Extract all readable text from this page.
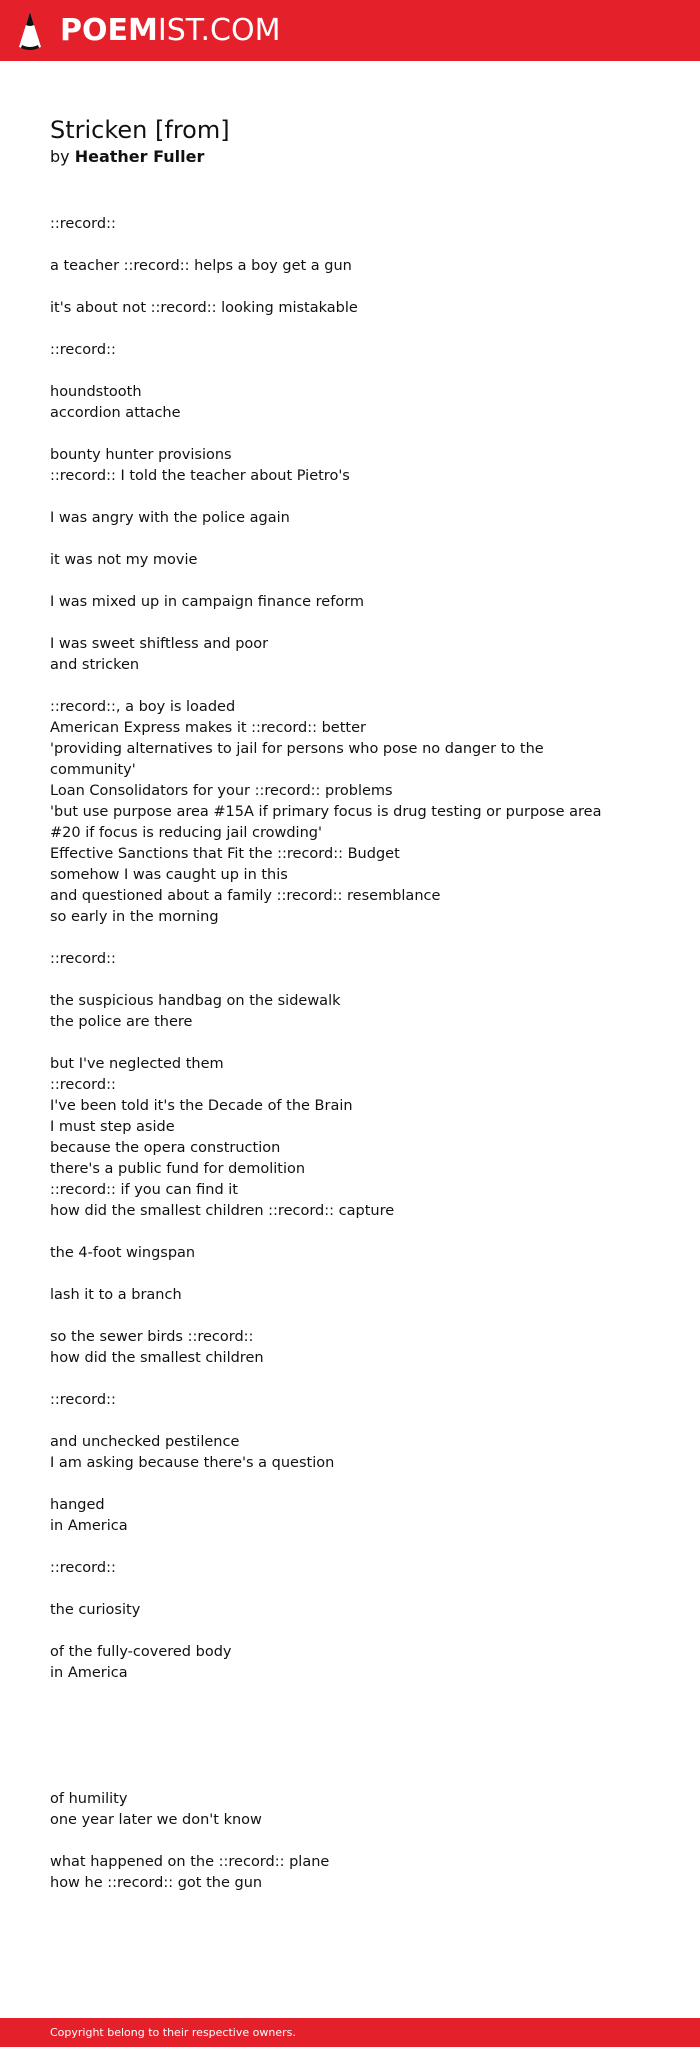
POEMIST.COM
Stricken [from]
by Heather Fuller
::record::
a teacher ::record:: helps a boy get a gun
it's about not ::record:: looking mistakable
::record::
houndstooth
accordion attache
bounty hunter provisions
::record:: I told the teacher about Pietro's
I was angry with the police again
it was not my movie
I was mixed up in campaign finance reform
I was sweet shiftless and poor
and stricken
::record::, a boy is loaded
American Express makes it ::record:: better
'providing alternatives to jail for persons who pose no danger to the
community'
Loan Consolidators for your ::record:: problems
'but use purpose area #15A if primary focus is drug testing or purpose area
#20 if focus is reducing jail crowding'
Effective Sanctions that Fit the ::record:: Budget
somehow I was caught up in this
and questioned about a family ::record:: resemblance
so early in the morning
::record::
the suspicious handbag on the sidewalk
the police are there
but I've neglected them
::record::
I've been told it's the Decade of the Brain
I must step aside
because the opera construction
there's a public fund for demolition
::record:: if you can find it
how did the smallest children ::record:: capture
the 4-foot wingspan
lash it to a branch
so the sewer birds ::record::
how did the smallest children
::record::
and unchecked pestilence
I am asking because there's a question
hanged
in America
::record::
the curiosity
of the fully-covered body
in America
of humility
one year later we don't know
what happened on the ::record:: plane
how he ::record:: got the gun
Copyright belong to their respective owners.
